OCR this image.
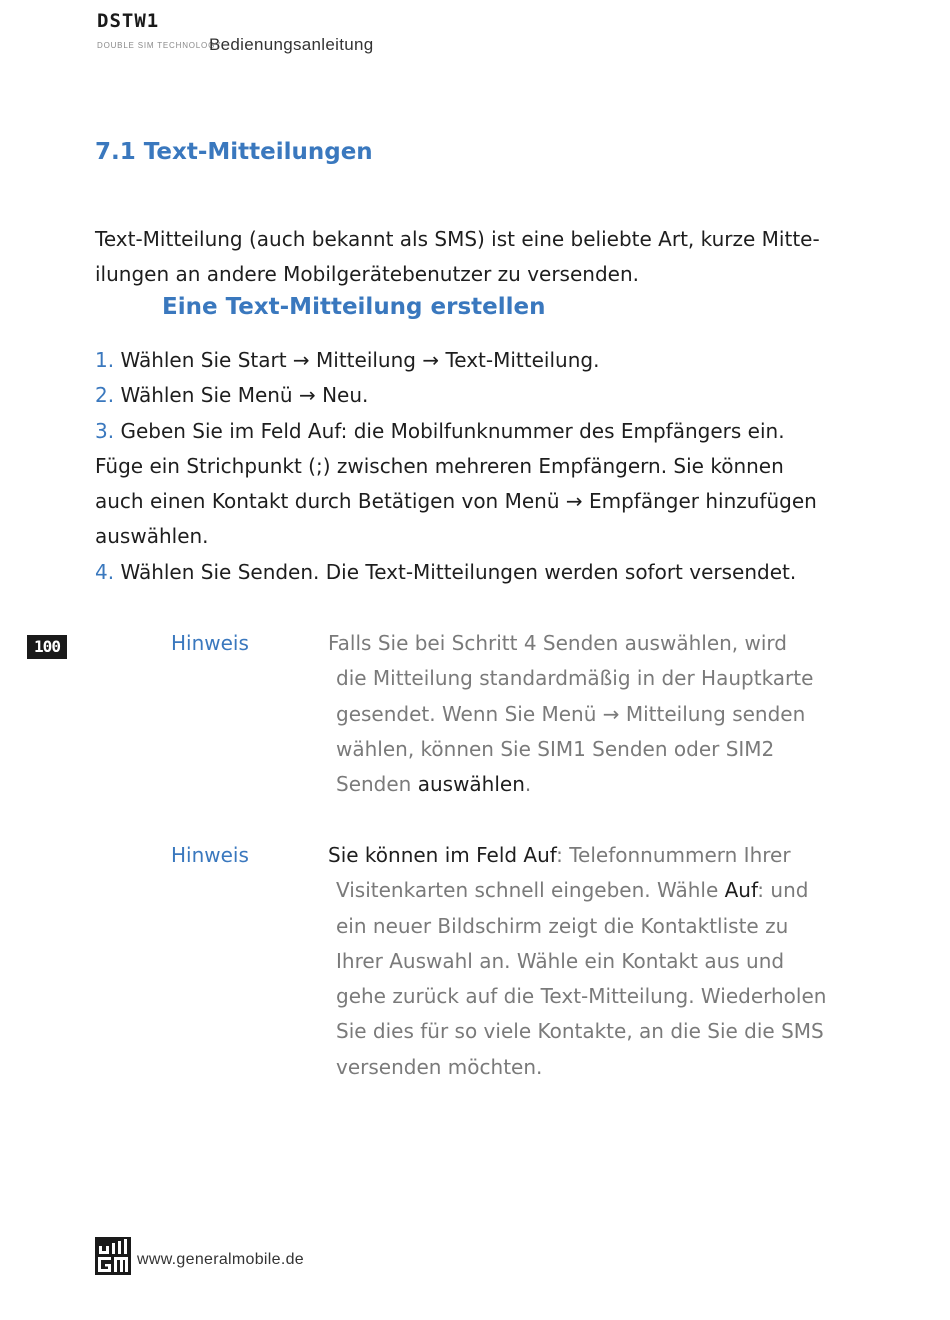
DSTW1
DOUBLE SIM TECHNOLOGY
Bedienungsanleitung
7.1 Text-Mitteilungen
Text-Mitteilung (auch bekannt als SMS) ist eine beliebte Art, kurze Mitte-
ilungen an andere Mobilgerätebenutzer zu versenden.
Eine Text-Mitteilung erstellen
1. Wählen Sie Start → Mitteilung → Text-Mitteilung.
2. Wählen Sie Menü → Neu.
3. Geben Sie im Feld Auf: die Mobilfunknummer des Empfängers ein.
Füge ein Strichpunkt (;) zwischen mehreren Empfängern. Sie können
auch einen Kontakt durch Betätigen von Menü → Empfänger hinzufügen
auswählen.
4. Wählen Sie Senden. Die Text-Mitteilungen werden sofort versendet.
100	Hinweis	Falls Sie bei Schritt 4 Senden auswählen, wird
die Mitteilung standardmäßig in der Hauptkarte
gesendet. Wenn Sie Menü → Mitteilung senden
wählen, können Sie SIM1 Senden oder SIM2
Senden auswählen.
Hinweis	Sie können im Feld Auf: Telefonnummern Ihrer
Visitenkarten schnell eingeben. Wähle Auf: und
ein neuer Bildschirm zeigt die Kontaktliste zu
Ihrer Auswahl an. Wähle ein Kontakt aus und
gehe zurück auf die Text-Mitteilung. Wiederholen
Sie dies für so viele Kontakte, an die Sie die SMS
versenden möchten.
www.generalmobile.de
